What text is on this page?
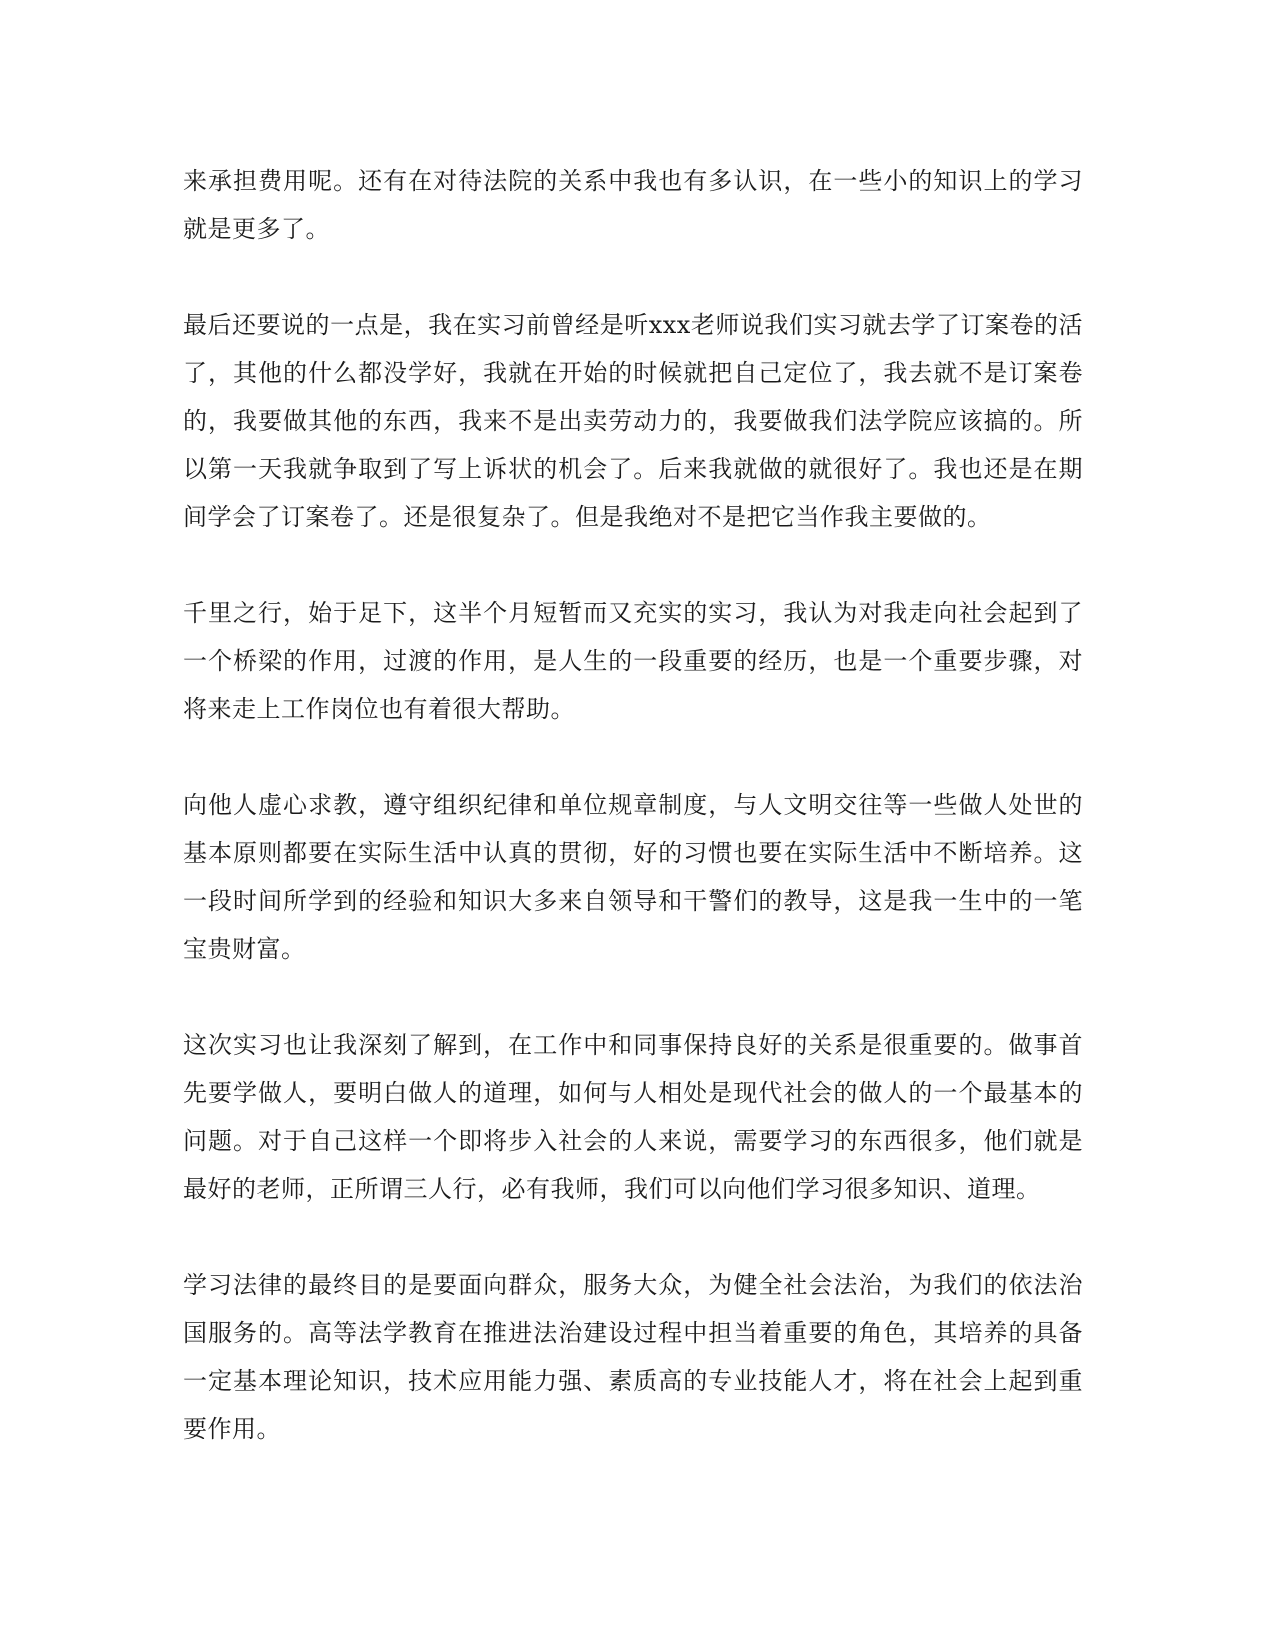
来承担费用呢。还有在对待法院的关系中我也有多认识，在一些小的知识上的学习就是更多了。

最后还要说的一点是，我在实习前曾经是听xxx老师说我们实习就去学了订案卷的活了，其他的什么都没学好，我就在开始的时候就把自己定位了，我去就不是订案卷的，我要做其他的东西，我来不是出卖劳动力的，我要做我们法学院应该搞的。所以第一天我就争取到了写上诉状的机会了。后来我就做的就很好了。我也还是在期间学会了订案卷了。还是很复杂了。但是我绝对不是把它当作我主要做的。

千里之行，始于足下，这半个月短暂而又充实的实习，我认为对我走向社会起到了一个桥梁的作用，过渡的作用，是人生的一段重要的经历，也是一个重要步骤，对将来走上工作岗位也有着很大帮助。

向他人虚心求教，遵守组织纪律和单位规章制度，与人文明交往等一些做人处世的基本原则都要在实际生活中认真的贯彻，好的习惯也要在实际生活中不断培养。这一段时间所学到的经验和知识大多来自领导和干警们的教导，这是我一生中的一笔宝贵财富。

这次实习也让我深刻了解到，在工作中和同事保持良好的关系是很重要的。做事首先要学做人，要明白做人的道理，如何与人相处是现代社会的做人的一个最基本的问题。对于自己这样一个即将步入社会的人来说，需要学习的东西很多，他们就是最好的老师，正所谓三人行，必有我师，我们可以向他们学习很多知识、道理。

学习法律的最终目的是要面向群众，服务大众，为健全社会法治，为我们的依法治国服务的。高等法学教育在推进法治建设过程中担当着重要的角色，其培养的具备一定基本理论知识，技术应用能力强、素质高的专业技能人才，将在社会上起到重要作用。
